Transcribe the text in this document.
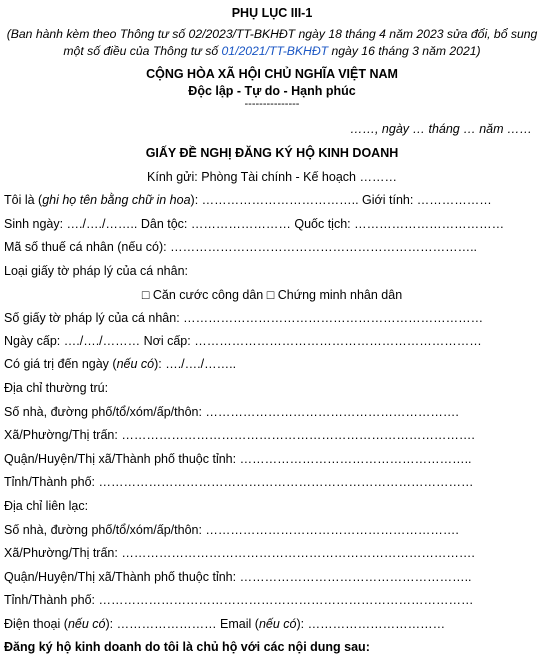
PHỤ LỤC III-1
(Ban hành kèm theo Thông tư số 02/2023/TT-BKHĐT ngày 18 tháng 4 năm 2023 sửa đổi, bổ sung
một số điều của Thông tư số 01/2021/TT-BKHĐT ngày 16 tháng 3 năm 2021)
CỘNG HÒA XÃ HỘI CHỦ NGHĨA VIỆT NAM
Độc lập - Tự do - Hạnh phúc
---------------
……, ngày … tháng … năm ……
GIẤY ĐỀ NGHỊ ĐĂNG KÝ HỘ KINH DOANH
Kính gửi: Phòng Tài chính - Kế hoạch ………
Tôi là (ghi họ tên bằng chữ in hoa): ……………………………….. Giới tính: ………………
Sinh ngày: …./…./…….. Dân tộc: …………………… Quốc tịch: ………………………………
Mã số thuế cá nhân (nếu có): ………………………………………………………………..
Loại giấy tờ pháp lý của cá nhân:
□ Căn cước công dân □ Chứng minh nhân dân
Số giấy tờ pháp lý của cá nhân: ………………………………………………………………
Ngày cấp: …./…./……… Nơi cấp: ……………………………………………………………
Có giá trị đến ngày (nếu có): …./…./……..
Địa chỉ thường trú:
Số nhà, đường phố/tổ/xóm/ấp/thôn: …………………………………………………….
Xã/Phường/Thị trấn: ………………………………………………………………………….
Quận/Huyện/Thị xã/Thành phố thuộc tỉnh: ………………………………………………..
Tỉnh/Thành phố: ………………………………………………………………………………
Địa chỉ liên lạc:
Số nhà, đường phố/tổ/xóm/ấp/thôn: …………………………………………………….
Xã/Phường/Thị trấn: ………………………………………………………………………….
Quận/Huyện/Thị xã/Thành phố thuộc tỉnh: ………………………………………………..
Tỉnh/Thành phố: ………………………………………………………………………………
Điện thoại (nếu có): …………………… Email (nếu có): ……………………………
Đăng ký hộ kinh doanh do tôi là chủ hộ với các nội dung sau:
